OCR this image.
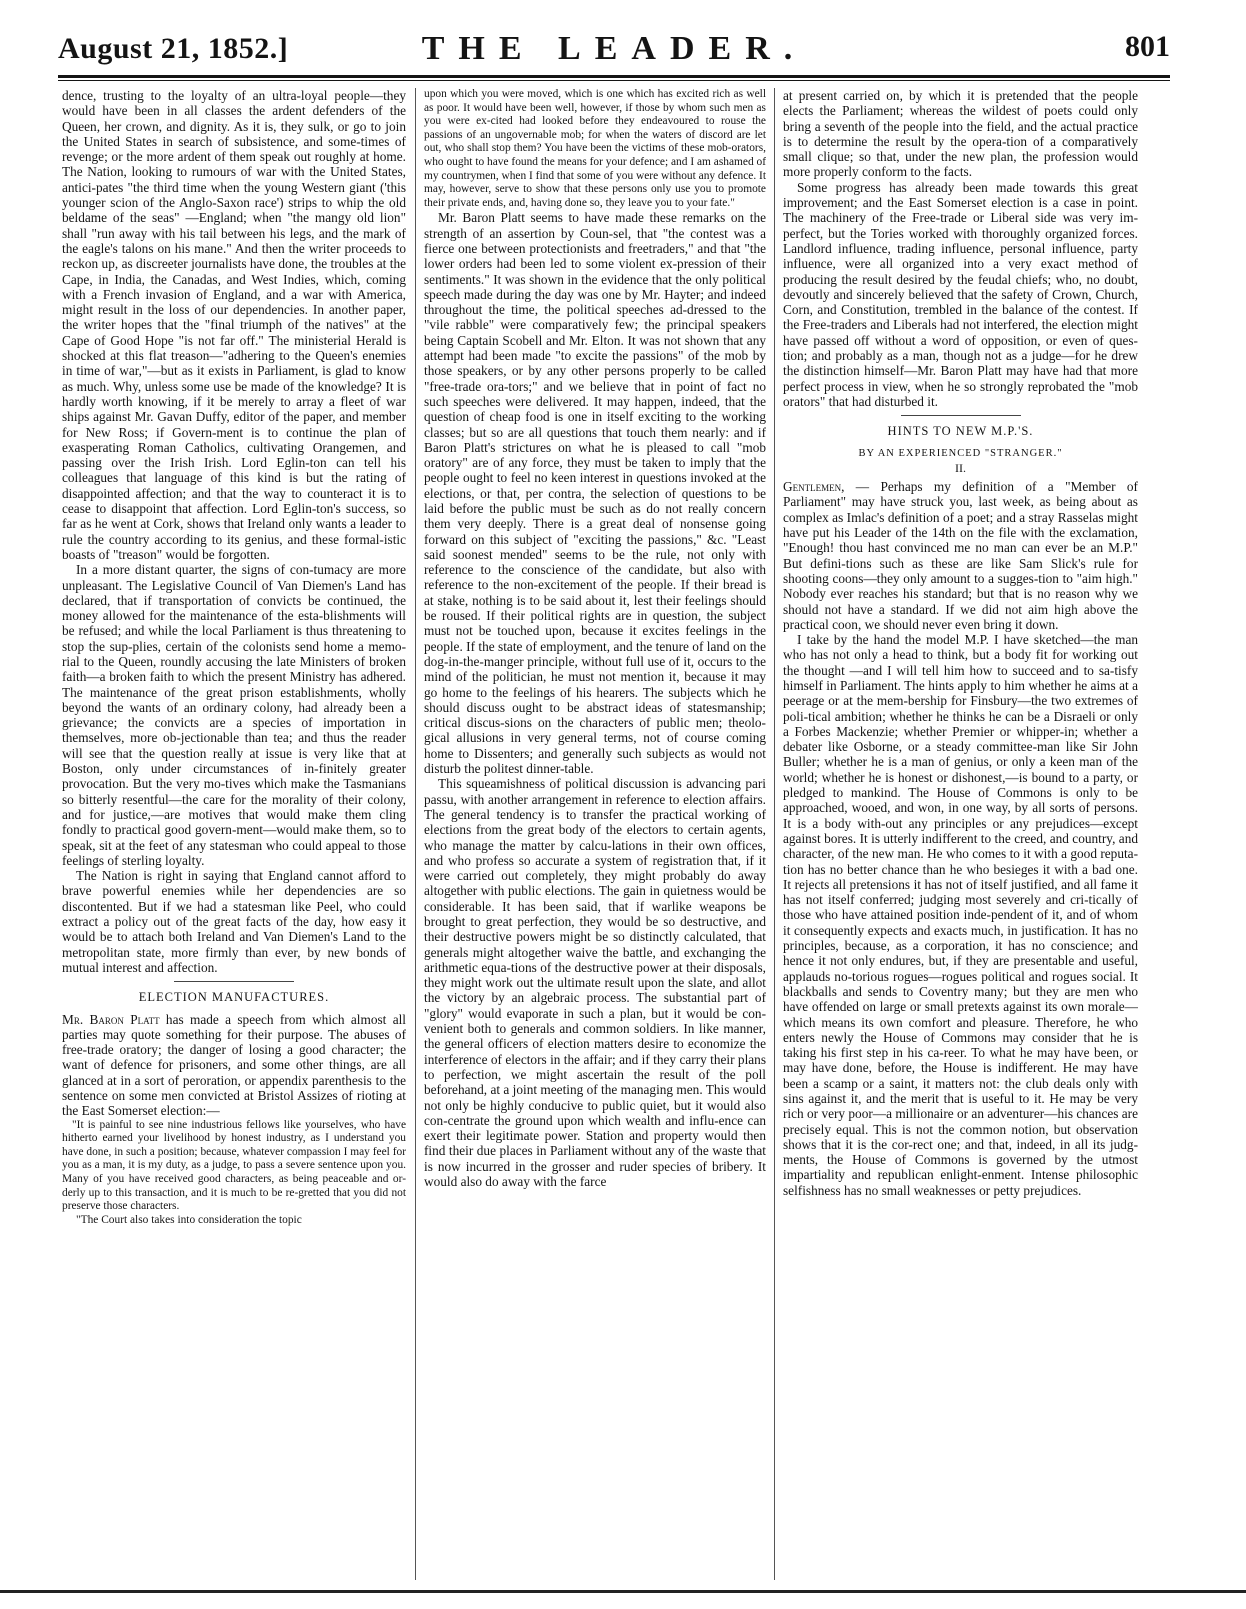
August 21, 1852.]	THE LEADER.	801

dence, trusting to the loyalty of an ultra-loyal people—they would have been in all classes the ardent defenders of the Queen, her crown, and dignity. As it is, they sulk, or go to join the United States in search of subsistence, and some-times of revenge; or the more ardent of them speak out roughly at home. The Nation, looking to rumours of war with the United States, antici-pates "the third time when the young Western giant ('this younger scion of the Anglo-Saxon race') strips to whip the old beldame of the seas" —England; when "the mangy old lion" shall "run away with his tail between his legs, and the mark of the eagle's talons on his mane." And then the writer proceeds to reckon up, as discreeter journalists have done, the troubles at the Cape, in India, the Canadas, and West Indies, which, coming with a French invasion of England, and a war with America, might result in the loss of our dependencies. In another paper, the writer hopes that the "final triumph of the natives" at the Cape of Good Hope "is not far off." The ministerial Herald is shocked at this flat treason—"adhering to the Queen's enemies in time of war,"—but as it exists in Parliament, is glad to know as much. Why, unless some use be made of the knowledge? It is hardly worth knowing, if it be merely to array a fleet of war ships against Mr. Gavan Duffy, editor of the paper, and member for New Ross; if Govern-ment is to continue the plan of exasperating Roman Catholics, cultivating Orangemen, and passing over the Irish Irish. Lord Eglin-ton can tell his colleagues that language of this kind is but the rating of disappointed affection; and that the way to counteract it is to cease to disappoint that affection. Lord Eglin-ton's success, so far as he went at Cork, shows that Ireland only wants a leader to rule the country according to its genius, and these formal-istic boasts of "treason" would be forgotten.

In a more distant quarter, the signs of con-tumacy are more unpleasant. The Legislative Council of Van Diemen's Land has declared, that if transportation of convicts be continued, the money allowed for the maintenance of the esta-blishments will be refused; and while the local Parliament is thus threatening to stop the sup-plies, certain of the colonists send home a memo-rial to the Queen, roundly accusing the late Ministers of broken faith—a broken faith to which the present Ministry has adhered. The maintenance of the great prison establishments, wholly beyond the wants of an ordinary colony, had already been a grievance; the convicts are a species of importation in themselves, more ob-jectionable than tea; and thus the reader will see that the question really at issue is very like that at Boston, only under circumstances of in-finitely greater provocation. But the very mo-tives which make the Tasmanians so bitterly resentful—the care for the morality of their colony, and for justice,—are motives that would make them cling fondly to practical good govern-ment—would make them, so to speak, sit at the feet of any statesman who could appeal to those feelings of sterling loyalty.

The Nation is right in saying that England cannot afford to brave powerful enemies while her dependencies are so discontented. But if we had a statesman like Peel, who could extract a policy out of the great facts of the day, how easy it would be to attach both Ireland and Van Diemen's Land to the metropolitan state, more firmly than ever, by new bonds of mutual interest and affection.

ELECTION MANUFACTURES.

Mr. Baron Platt has made a speech from which almost all parties may quote something for their purpose. The abuses of free-trade oratory; the danger of losing a good character; the want of defence for prisoners, and some other things, are all glanced at in a sort of peroration, or appendix parenthesis to the sentence on some men convicted at Bristol Assizes of rioting at the East Somerset election:—

"It is painful to see nine industrious fellows like yourselves, who have hitherto earned your livelihood by honest industry, as I understand you have done, in such a position; because, whatever compassion I may feel for you as a man, it is my duty, as a judge, to pass a severe sentence upon you. Many of you have received good characters, as being peaceable and or-derly up to this transaction, and it is much to be re-gretted that you did not preserve those characters.

"The Court also takes into consideration the topic

upon which you were moved, which is one which has excited rich as well as poor. It would have been well, however, if those by whom such men as you were ex-cited had looked before they endeavoured to rouse the passions of an ungovernable mob; for when the waters of discord are let out, who shall stop them? You have been the victims of these mob-orators, who ought to have found the means for your defence; and I am ashamed of my countrymen, when I find that some of you were without any defence. It may, however, serve to show that these persons only use you to promote their private ends, and, having done so, they leave you to your fate."

Mr. Baron Platt seems to have made these remarks on the strength of an assertion by Coun-sel, that "the contest was a fierce one between protectionists and freetraders," and that "the lower orders had been led to some violent ex-pression of their sentiments." It was shown in the evidence that the only political speech made during the day was one by Mr. Hayter; and indeed throughout the time, the political speeches ad-dressed to the "vile rabble" were comparatively few; the principal speakers being Captain Scobell and Mr. Elton. It was not shown that any attempt had been made "to excite the passions" of the mob by those speakers, or by any other persons properly to be called "free-trade ora-tors;" and we believe that in point of fact no such speeches were delivered. It may happen, indeed, that the question of cheap food is one in itself exciting to the working classes; but so are all questions that touch them nearly: and if Baron Platt's strictures on what he is pleased to call "mob oratory" are of any force, they must be taken to imply that the people ought to feel no keen interest in questions invoked at the elections, or that, per contra, the selection of questions to be laid before the public must be such as do not really concern them very deeply. There is a great deal of nonsense going forward on this subject of "exciting the passions," &c. "Least said soonest mended" seems to be the rule, not only with reference to the conscience of the candidate, but also with reference to the non-excitement of the people. If their bread is at stake, nothing is to be said about it, lest their feelings should be roused. If their political rights are in question, the subject must not be touched upon, because it excites feelings in the people. If the state of employment, and the tenure of land on the dog-in-the-manger principle, without full use of it, occurs to the mind of the politician, he must not mention it, because it may go home to the feelings of his hearers. The subjects which he should discuss ought to be abstract ideas of statesmanship; critical discus-sions on the characters of public men; theolo-gical allusions in very general terms, not of course coming home to Dissenters; and generally such subjects as would not disturb the politest dinner-table.

This squeamishness of political discussion is advancing pari passu, with another arrangement in reference to election affairs. The general tendency is to transfer the practical working of elections from the great body of the electors to certain agents, who manage the matter by calcu-lations in their own offices, and who profess so accurate a system of registration that, if it were carried out completely, they might probably do away altogether with public elections. The gain in quietness would be considerable. It has been said, that if warlike weapons be brought to great perfection, they would be so destructive, and their destructive powers might be so distinctly calculated, that generals might altogether waive the battle, and exchanging the arithmetic equa-tions of the destructive power at their disposals, they might work out the ultimate result upon the slate, and allot the victory by an algebraic process. The substantial part of "glory" would evaporate in such a plan, but it would be con-venient both to generals and common soldiers. In like manner, the general officers of election matters desire to economize the interference of electors in the affair; and if they carry their plans to perfection, we might ascertain the result of the poll beforehand, at a joint meeting of the managing men. This would not only be highly conducive to public quiet, but it would also con-centrate the ground upon which wealth and influ-ence can exert their legitimate power. Station and property would then find their due places in Parliament without any of the waste that is now incurred in the grosser and ruder species of bribery. It would also do away with the farce

at present carried on, by which it is pretended that the people elects the Parliament; whereas the wildest of poets could only bring a seventh of the people into the field, and the actual practice is to determine the result by the opera-tion of a comparatively small clique; so that, under the new plan, the profession would more properly conform to the facts.

Some progress has already been made towards this great improvement; and the East Somerset election is a case in point. The machinery of the Free-trade or Liberal side was very im-perfect, but the Tories worked with thoroughly organized forces. Landlord influence, trading influence, personal influence, party influence, were all organized into a very exact method of producing the result desired by the feudal chiefs; who, no doubt, devoutly and sincerely believed that the safety of Crown, Church, Corn, and Constitution, trembled in the balance of the contest. If the Free-traders and Liberals had not interfered, the election might have passed off without a word of opposition, or even of ques-tion; and probably as a man, though not as a judge—for he drew the distinction himself—Mr. Baron Platt may have had that more perfect process in view, when he so strongly reprobated the "mob orators" that had disturbed it.

HINTS TO NEW M.P.'S.
BY AN EXPERIENCED "STRANGER."
II.

Gentlemen, — Perhaps my definition of a "Member of Parliament" may have struck you, last week, as being about as complex as Imlac's definition of a poet; and a stray Rasselas might have put his Leader of the 14th on the file with the exclamation, "Enough! thou hast convinced me no man can ever be an M.P." But defini-tions such as these are like Sam Slick's rule for shooting coons—they only amount to a sugges-tion to "aim high." Nobody ever reaches his standard; but that is no reason why we should not have a standard. If we did not aim high above the practical coon, we should never even bring it down.

I take by the hand the model M.P. I have sketched—the man who has not only a head to think, but a body fit for working out the thought —and I will tell him how to succeed and to sa-tisfy himself in Parliament. The hints apply to him whether he aims at a peerage or at the mem-bership for Finsbury—the two extremes of poli-tical ambition; whether he thinks he can be a Disraeli or only a Forbes Mackenzie; whether Premier or whipper-in; whether a debater like Osborne, or a steady committee-man like Sir John Buller; whether he is a man of genius, or only a keen man of the world; whether he is honest or dishonest,—is bound to a party, or pledged to mankind. The House of Commons is only to be approached, wooed, and won, in one way, by all sorts of persons. It is a body with-out any principles or any prejudices—except against bores. It is utterly indifferent to the creed, and country, and character, of the new man. He who comes to it with a good reputa-tion has no better chance than he who besieges it with a bad one. It rejects all pretensions it has not of itself justified, and all fame it has not itself conferred; judging most severely and cri-tically of those who have attained position inde-pendent of it, and of whom it consequently expects and exacts much, in justification. It has no principles, because, as a corporation, it has no conscience; and hence it not only endures, but, if they are presentable and useful, applauds no-torious rogues—rogues political and rogues social. It blackballs and sends to Coventry many; but they are men who have offended on large or small pretexts against its own morale—which means its own comfort and pleasure. Therefore, he who enters newly the House of Commons may consider that he is taking his first step in his ca-reer. To what he may have been, or may have done, before, the House is indifferent. He may have been a scamp or a saint, it matters not: the club deals only with sins against it, and the merit that is useful to it. He may be very rich or very poor—a millionaire or an adventurer—his chances are precisely equal. This is not the common notion, but observation shows that it is the cor-rect one; and that, indeed, in all its judg-ments, the House of Commons is governed by the utmost impartiality and republican enlight-enment. Intense philosophic selfishness has no small weaknesses or petty prejudices.
